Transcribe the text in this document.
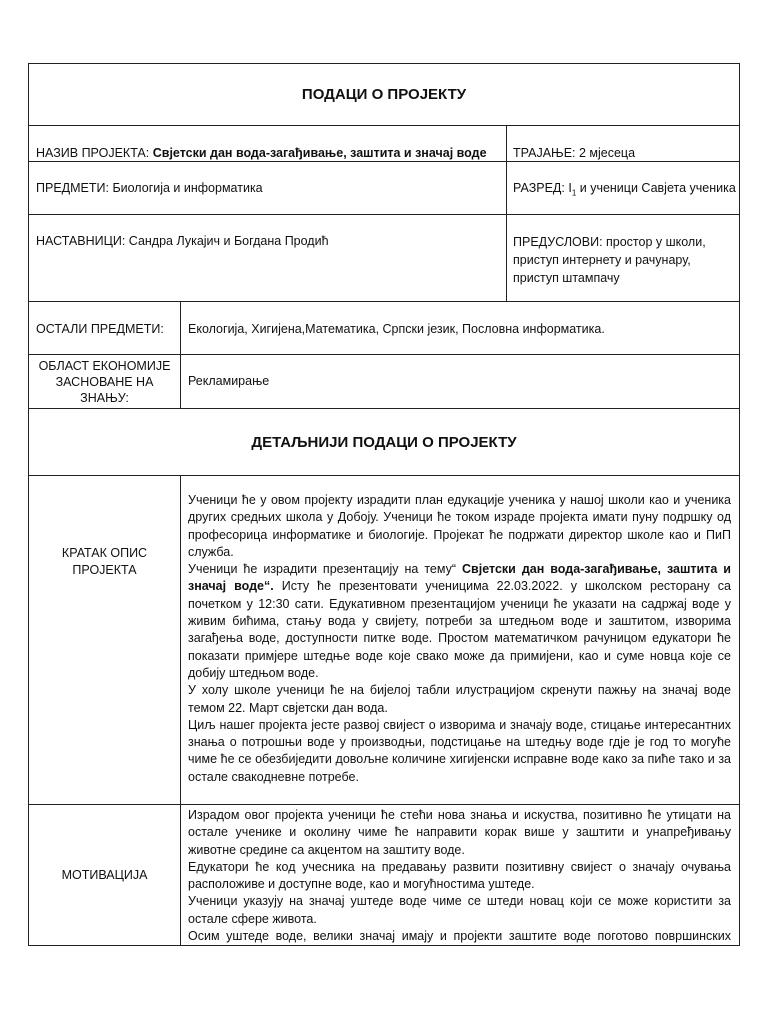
ПОДАЦИ О ПРОЈЕКТУ
НАЗИВ ПРОЈЕКТА: Свјетски дан вода-загађивање, заштита и значај воде	ТРАЈАЊЕ: 2 мјесеца
ПРЕДМЕТИ: Биологија и информатика	РАЗРЕД: $I_1$ и ученици Савјета ученика
НАСТАВНИЦИ: Сандра Лукајич и Богдана Продић	ПРЕДУСЛОВИ: простор у школи,
приступ интернету и рачунару,
приступ штампачу
ОСТАЛИ ПРЕДМЕТИ:	Екологија, Хигијена,Математика, Српски језик, Пословна информатика.
ОБЛАСТ ЕКОНОМИЈЕ
ЗАСНОВАНЕ НА
ЗНАЊУ:
Рекламирање
ДЕТАЉНИЈИ ПОДАЦИ О ПРОЈЕКТУ
КРАТАК ОПИС
ПРОЈЕКТА

Ученици ће у овом пројекту израдити план едукације ученика у нашој школи као и ученика других средњих школа у Добоју. Ученици ће током израде пројекта имати пуну подршку од професорица информатике и биологије. Пројекат ће подржати директор школе као и ПиП служба.

Ученици ће израдити презентацију на тему“ Свјетски дан вода-загађивање, заштита и значај воде“. Исту ће презентовати ученицима 22.03.2022. у школском ресторану са почетком у 12:30 сати. Едукативном презентацијом ученици ће указати на садржај воде у живим бићима, стању вода у свијету, потреби за штедњом воде и заштитом, изворима загађења воде, доступности питке воде. Простом математичком рачуницом едукатори ће показати примјере штедње воде које свако може да примијени, као и суме новца које се добију штедњом воде.

У холу школе ученици ће на бијелој табли илустрацијом скренути пажњу на значај воде темом 22. Март свјетски дан вода.

Циљ нашег пројекта јесте развој свијест о изворима и значају воде, стицање интересантних знања о потрошњи воде у производњи, подстицање на штедњу воде гдје је год то могуће чиме ће се обезбиједити довољне количине хигијенски исправне воде како за пиће тако и за остале свакодневне потребе.

МОТИВАЦИЈА

Израдом овог пројекта ученици ће стећи нова знања и искуства, позитивно ће утицати на остале ученике и околину чиме ће направити корак више у заштити и унапређивању животне средине са акцентом на заштиту воде.

Едукатори ће код учесника на предавању развити позитивну свијест о значају очувања расположиве и доступне воде, као и могућностима уштеде.

Ученици указују на значај уштеде воде чиме се штеди новац који се може користити за остале сфере живота.

Осим уштеде воде, велики значај имају и пројекти заштите воде поготово површинских
